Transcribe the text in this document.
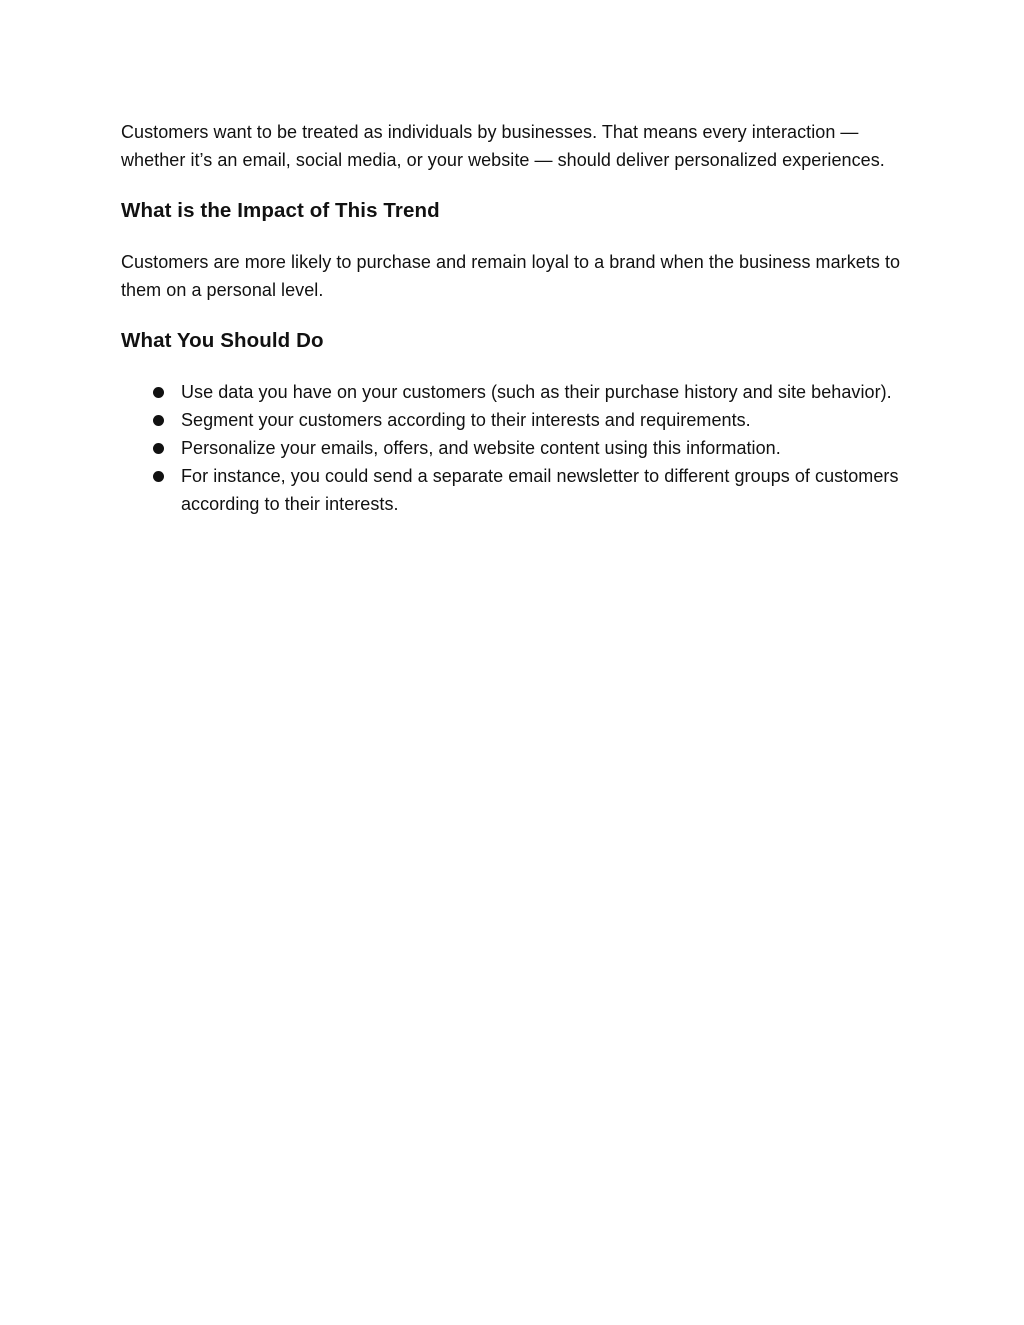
Customers want to be treated as individuals by businesses. That means every interaction — whether it’s an email, social media, or your website — should deliver personalized experiences.

What is the Impact of This Trend

Customers are more likely to purchase and remain loyal to a brand when the business markets to them on a personal level.

What You Should Do
Use data you have on your customers (such as their purchase history and site behavior).
Segment your customers according to their interests and requirements.
Personalize your emails, offers, and website content using this information.
For instance, you could send a separate email newsletter to different groups of customers according to their interests.
